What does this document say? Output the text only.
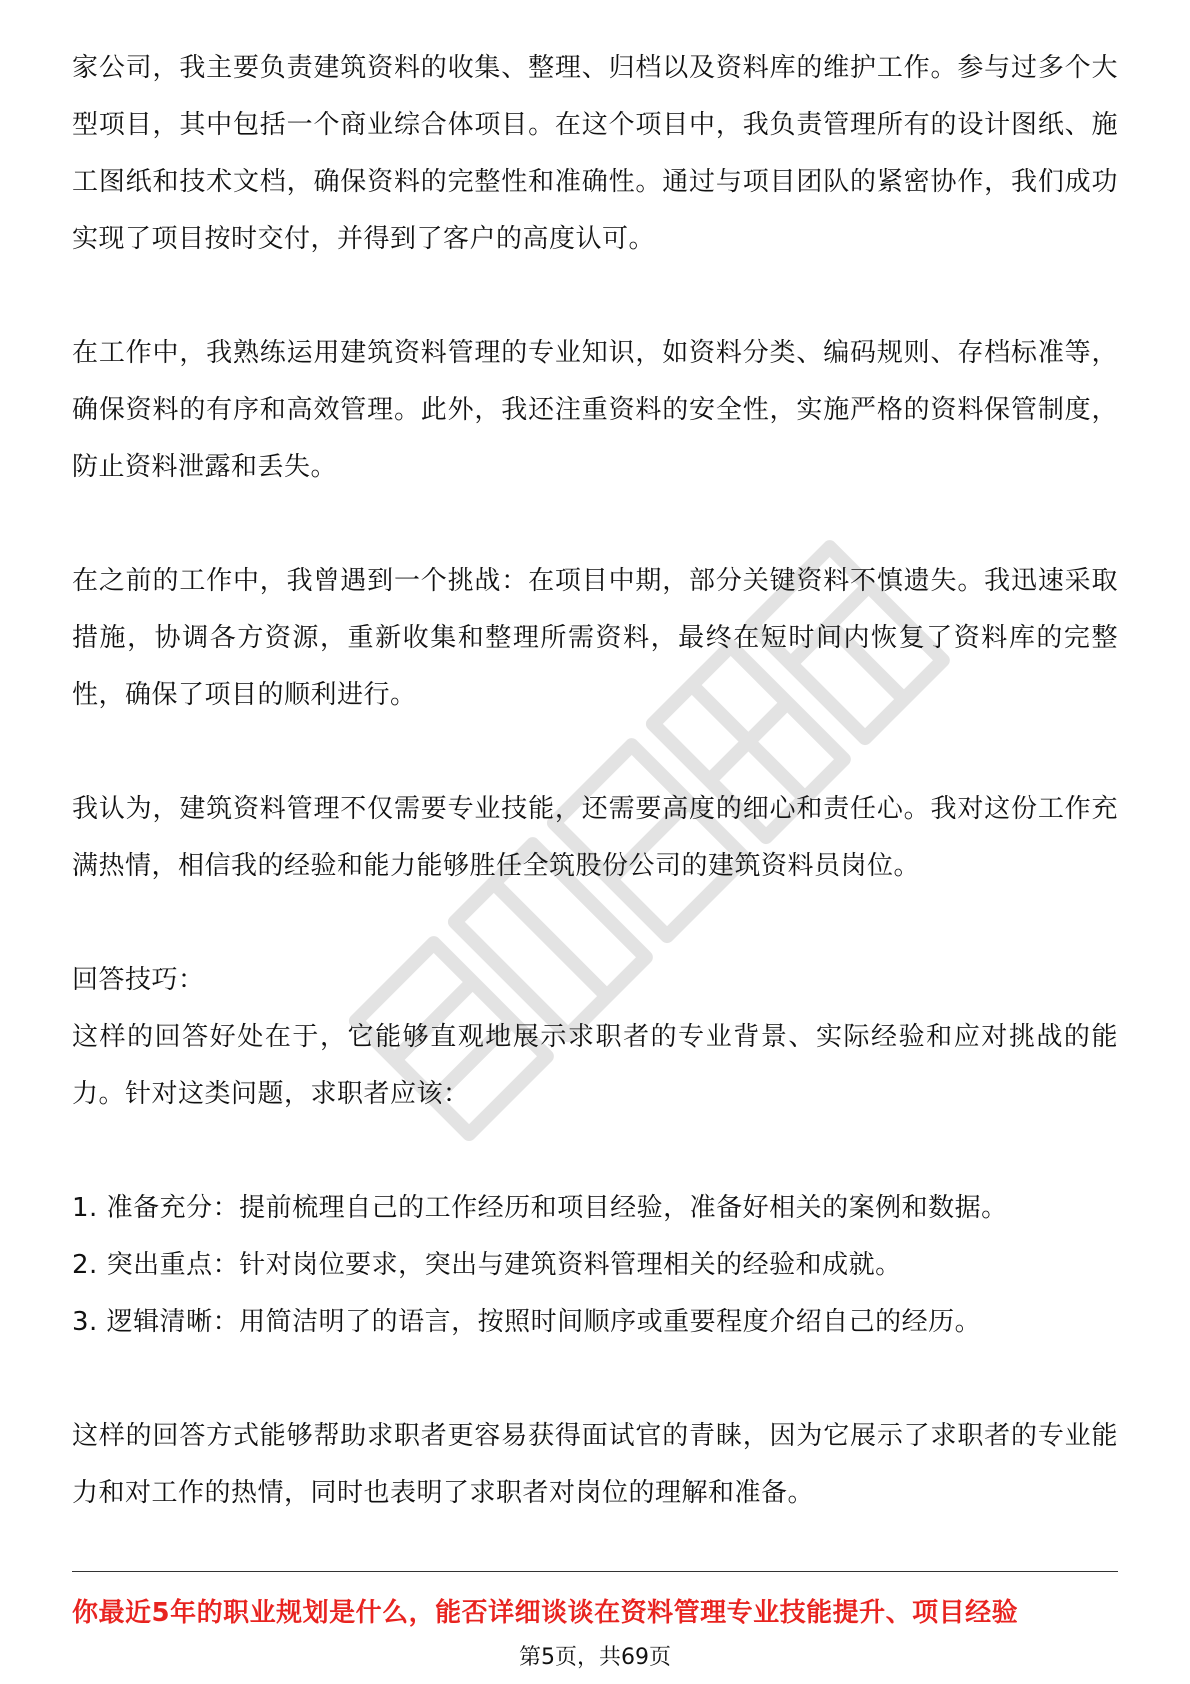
家公司，我主要负责建筑资料的收集、整理、归档以及资料库的维护工作。参与过多个大型项目，其中包括一个商业综合体项目。在这个项目中，我负责管理所有的设计图纸、施工图纸和技术文档，确保资料的完整性和准确性。通过与项目团队的紧密协作，我们成功实现了项目按时交付，并得到了客户的高度认可。

在工作中，我熟练运用建筑资料管理的专业知识，如资料分类、编码规则、存档标准等，确保资料的有序和高效管理。此外，我还注重资料的安全性，实施严格的资料保管制度，防止资料泄露和丢失。

在之前的工作中，我曾遇到一个挑战：在项目中期，部分关键资料不慎遗失。我迅速采取措施，协调各方资源，重新收集和整理所需资料，最终在短时间内恢复了资料库的完整性，确保了项目的顺利进行。

我认为，建筑资料管理不仅需要专业技能，还需要高度的细心和责任心。我对这份工作充满热情，相信我的经验和能力能够胜任全筑股份公司的建筑资料员岗位。

回答技巧：

这样的回答好处在于，它能够直观地展示求职者的专业背景、实际经验和应对挑战的能力。针对这类问题，求职者应该：

1. 准备充分：提前梳理自己的工作经历和项目经验，准备好相关的案例和数据。

2. 突出重点：针对岗位要求，突出与建筑资料管理相关的经验和成就。

3. 逻辑清晰：用简洁明了的语言，按照时间顺序或重要程度介绍自己的经历。

这样的回答方式能够帮助求职者更容易获得面试官的青睐，因为它展示了求职者的专业能力和对工作的热情，同时也表明了求职者对岗位的理解和准备。

你最近5年的职业规划是什么，能否详细谈谈在资料管理专业技能提升、项目经验
第5页，共69页
